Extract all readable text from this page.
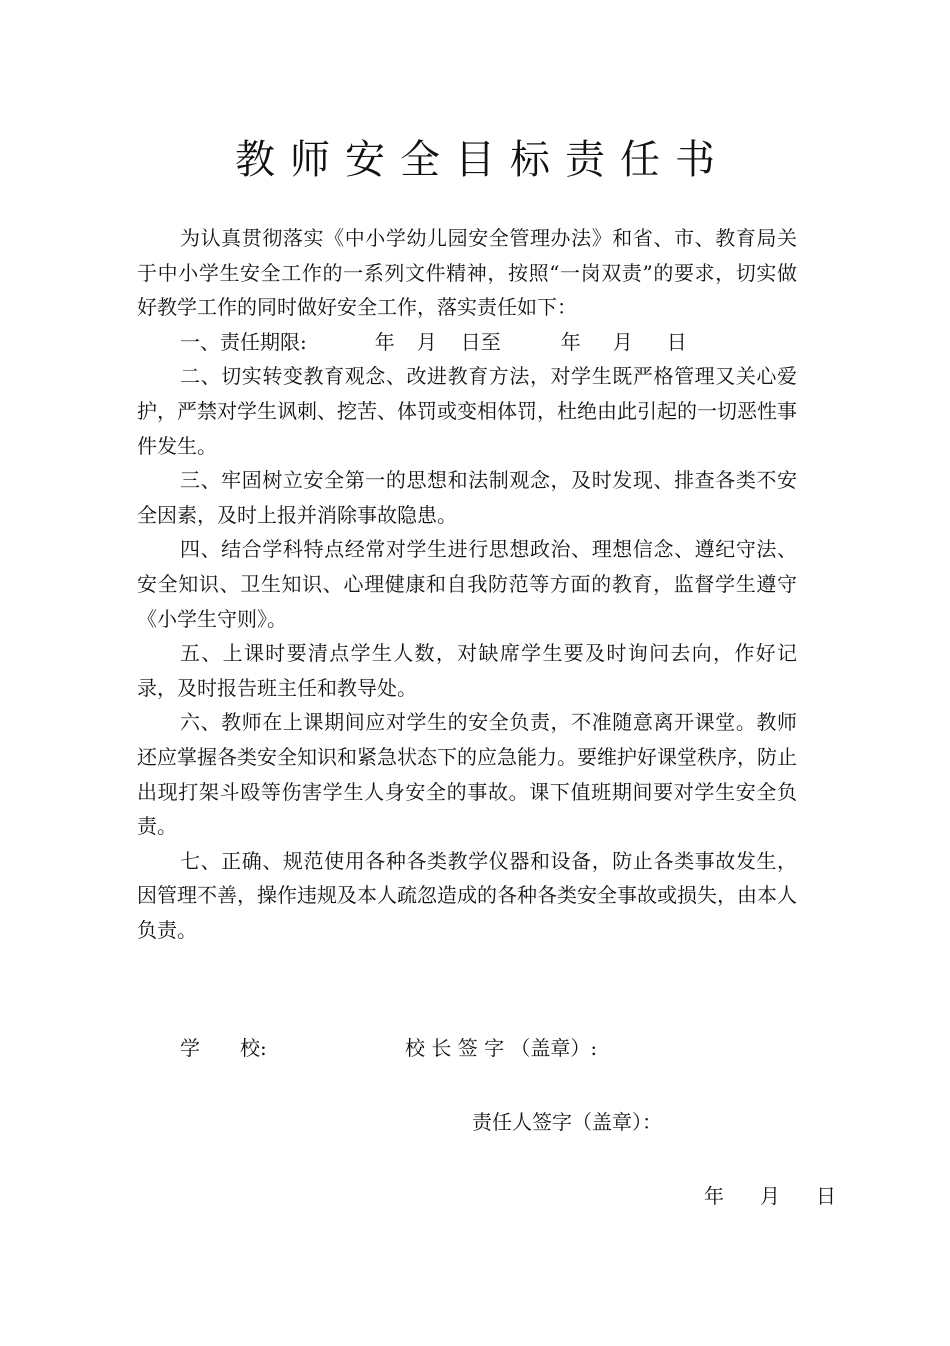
教师安全目标责任书

为认真贯彻落实《中小学幼儿园安全管理办法》和省、市、教育局关于中小学生安全工作的一系列文件精神，按照“一岗双责”的要求，切实做好教学工作的同时做好安全工作，落实责任如下：

一、责任期限:	年 月 日至	年 月 日

二、切实转变教育观念、改进教育方法，对学生既严格管理又关心爱护，严禁对学生讽刺、挖苦、体罚或变相体罚，杜绝由此引起的一切恶性事件发生。

三、牢固树立安全第一的思想和法制观念，及时发现、排查各类不安全因素，及时上报并消除事故隐患。

四、结合学科特点经常对学生进行思想政治、理想信念、遵纪守法、安全知识、卫生知识、心理健康和自我防范等方面的教育，监督学生遵守《小学生守则》。

五、上课时要清点学生人数，对缺席学生要及时询问去向，作好记录，及时报告班主任和教导处。

六、教师在上课期间应对学生的安全负责，不准随意离开课堂。教师还应掌握各类安全知识和紧急状态下的应急能力。要维护好课堂秩序，防止出现打架斗殴等伤害学生人身安全的事故。课下值班期间要对学生安全负责。

七、正确、规范使用各种各类教学仪器和设备，防止各类事故发生，因管理不善，操作违规及本人疏忽造成的各种各类安全事故或损失，由本人负责。

学　　校:	校 长 签 字 （盖章）:
责任人签字（盖章）：
年 月 日
